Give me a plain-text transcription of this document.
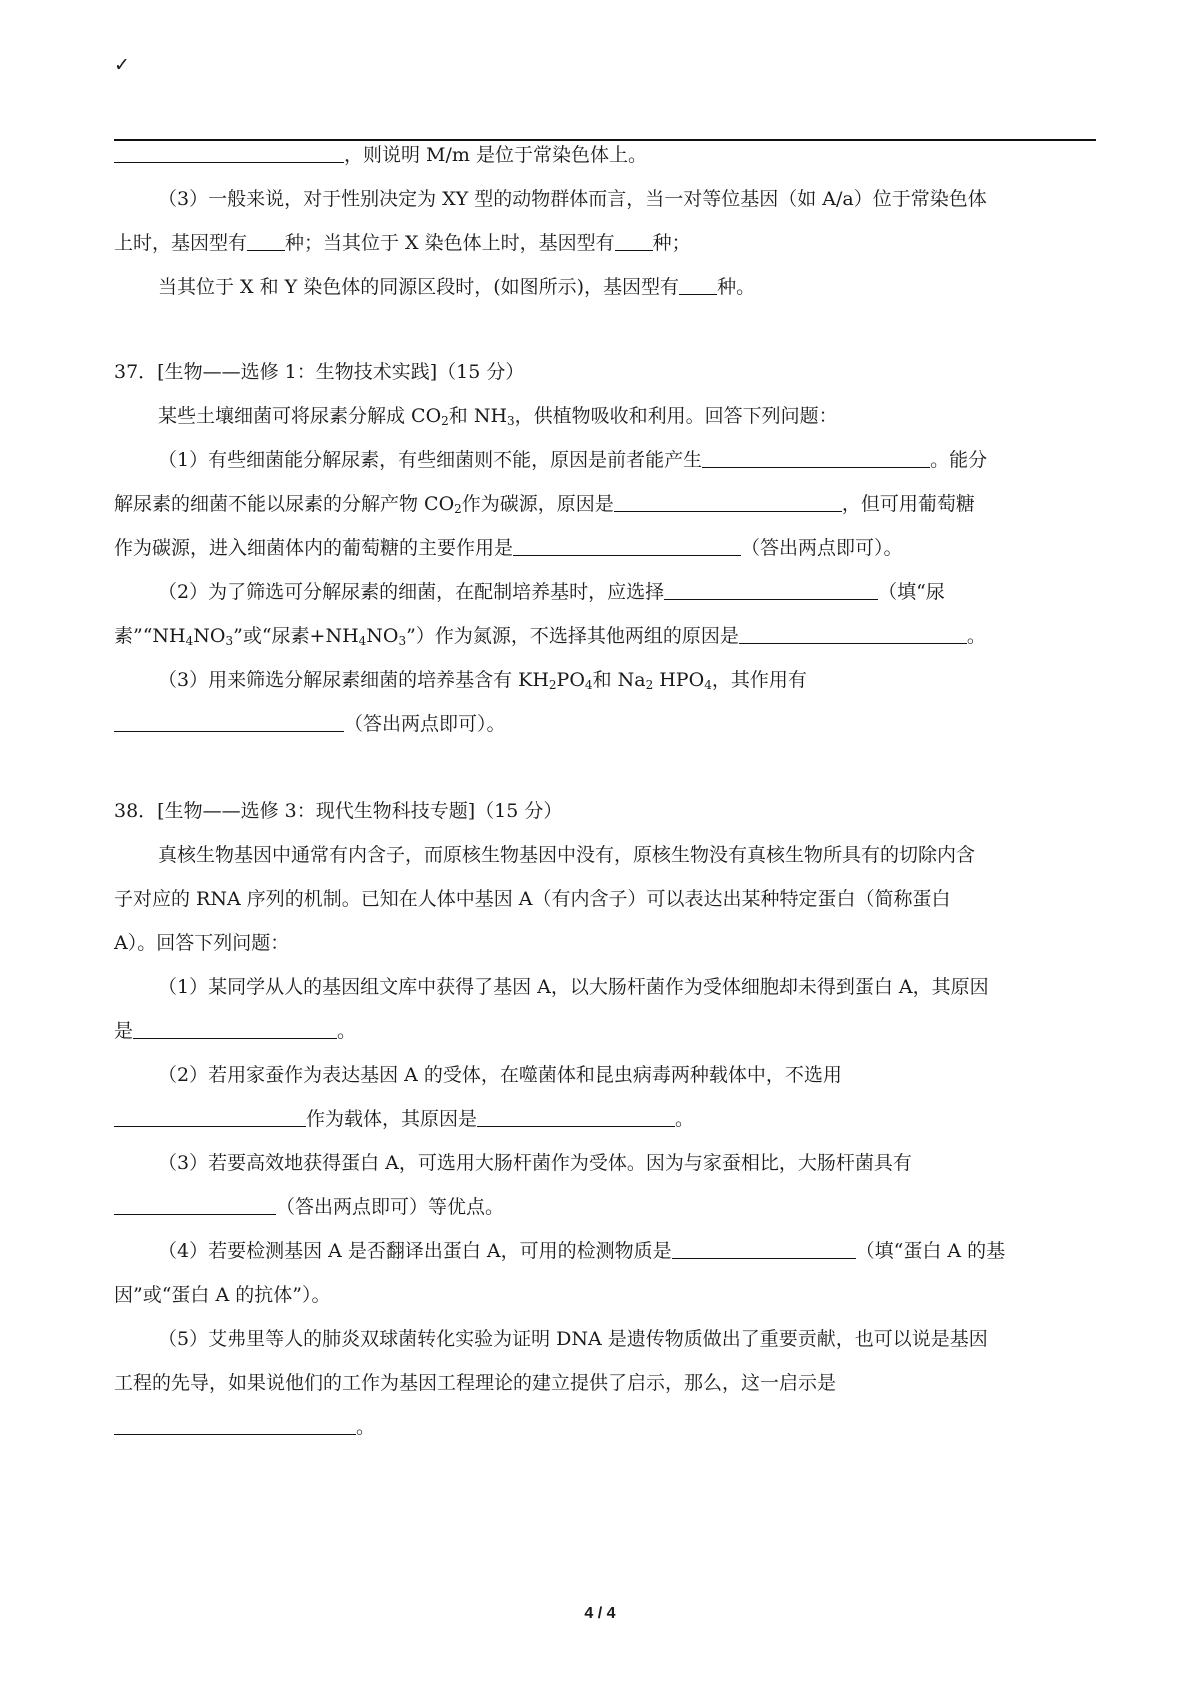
✓
，则说明 M/m 是位于常染色体上。
（3）一般来说，对于性别决定为 XY 型的动物群体而言，当一对等位基因（如 A/a）位于常染色体
上时，基因型有 种；当其位于 X 染色体上时，基因型有 种；
当其位于 X 和 Y 染色体的同源区段时，(如图所示)，基因型有 种。
37．[生物——选修 1：生物技术实践]（15 分）
某些土壤细菌可将尿素分解成 $CO_2$和 $NH_3$，供植物吸收和利用。回答下列问题：
（1）有些细菌能分解尿素，有些细菌则不能，原因是前者能产生	。能分
解尿素的细菌不能以尿素的分解产物 $CO_2$作为碳源，原因是	，但可用葡萄糖
作为碳源，进入细菌体内的葡萄糖的主要作用是	（答出两点即可）。
（2）为了筛选可分解尿素的细菌，在配制培养基时，应选择	（填“尿
素$”“NH_4NO_3$”或“尿素$+NH_4NO_3$”）作为氮源，不选择其他两组的原因是	。
（3）用来筛选分解尿素细菌的培养基含有 $KH_2PO_4$和 $Na_2$ $HPO_4$，其作用有
（答出两点即可）。
38．[生物——选修 3：现代生物科技专题]（15 分）
真核生物基因中通常有内含子，而原核生物基因中没有，原核生物没有真核生物所具有的切除内含
子对应的 RNA 序列的机制。已知在人体中基因 A（有内含子）可以表达出某种特定蛋白（简称蛋白
A）。回答下列问题：
（1）某同学从人的基因组文库中获得了基因 A，以大肠杆菌作为受体细胞却未得到蛋白 A，其原因
是	。
（2）若用家蚕作为表达基因 A 的受体，在噬菌体和昆虫病毒两种载体中，不选用
作为载体，其原因是	。
（3）若要高效地获得蛋白 A，可选用大肠杆菌作为受体。因为与家蚕相比，大肠杆菌具有
（答出两点即可）等优点。
（4）若要检测基因 A 是否翻译出蛋白 A，可用的检测物质是	（填“蛋白 A 的基
因”或“蛋白 A 的抗体”）。
（5）艾弗里等人的肺炎双球菌转化实验为证明 DNA 是遗传物质做出了重要贡献，也可以说是基因
工程的先导，如果说他们的工作为基因工程理论的建立提供了启示，那么，这一启示是
。
4 / 4
